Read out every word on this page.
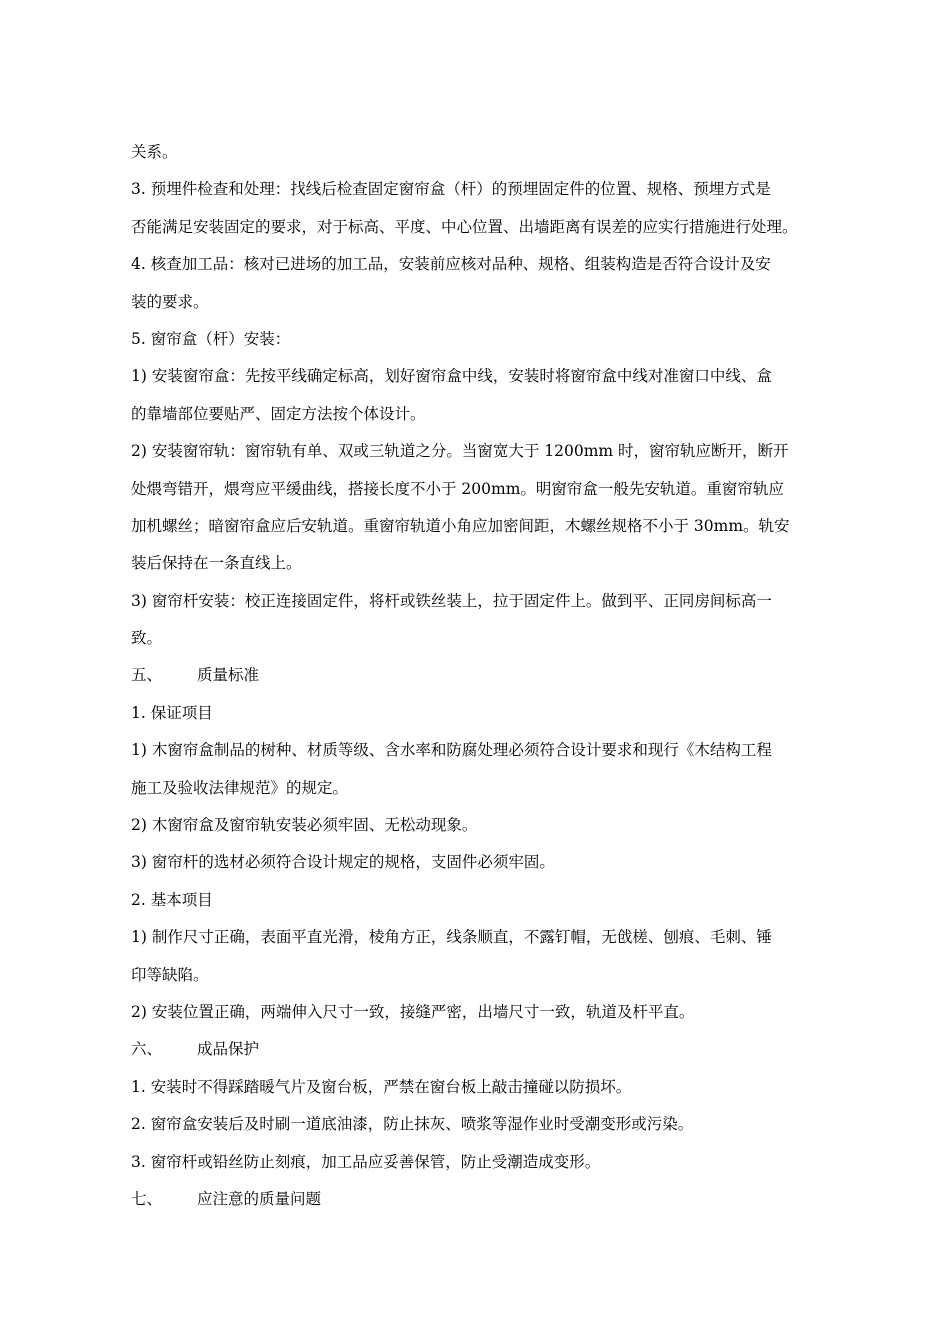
关系。
3. 预埋件检查和处理：找线后检查固定窗帘盒（杆）的预埋固定件的位置、规格、预埋方式是
否能满足安装固定的要求，对于标高、平度、中心位置、出墙距离有误差的应实行措施进行处理。
4. 核查加工品：核对已进场的加工品，安装前应核对品种、规格、组装构造是否符合设计及安
装的要求。
5. 窗帘盒（杆）安装：
1) 安装窗帘盒：先按平线确定标高，划好窗帘盒中线，安装时将窗帘盒中线对准窗口中线、盒
的靠墙部位要贴严、固定方法按个体设计。
2) 安装窗帘轨：窗帘轨有单、双或三轨道之分。当窗宽大于 1200mm 时，窗帘轨应断开，断开
处煨弯错开，煨弯应平缓曲线，搭接长度不小于 200mm。明窗帘盒一般先安轨道。重窗帘轨应
加机螺丝；暗窗帘盒应后安轨道。重窗帘轨道小角应加密间距，木螺丝规格不小于 30mm。轨安
装后保持在一条直线上。
3) 窗帘杆安装：校正连接固定件，将杆或铁丝装上，拉于固定件上。做到平、正同房间标高一
致。
五、 质量标准
1. 保证项目
1) 木窗帘盒制品的树种、材质等级、含水率和防腐处理必须符合设计要求和现行《木结构工程
施工及验收法律规范》的规定。
2) 木窗帘盒及窗帘轨安装必须牢固、无松动现象。
3) 窗帘杆的选材必须符合设计规定的规格，支固件必须牢固。
2. 基本项目
1) 制作尺寸正确，表面平直光滑，棱角方正，线条顺直，不露钉帽，无戗槎、刨痕、毛刺、锤
印等缺陷。
2) 安装位置正确，两端伸入尺寸一致，接缝严密，出墙尺寸一致，轨道及杆平直。
六、 成品保护
1. 安装时不得踩踏暖气片及窗台板，严禁在窗台板上敲击撞碰以防损坏。
2. 窗帘盒安装后及时刷一道底油漆，防止抹灰、喷浆等湿作业时受潮变形或污染。
3. 窗帘杆或铅丝防止刻痕，加工品应妥善保管，防止受潮造成变形。
七、 应注意的质量问题
